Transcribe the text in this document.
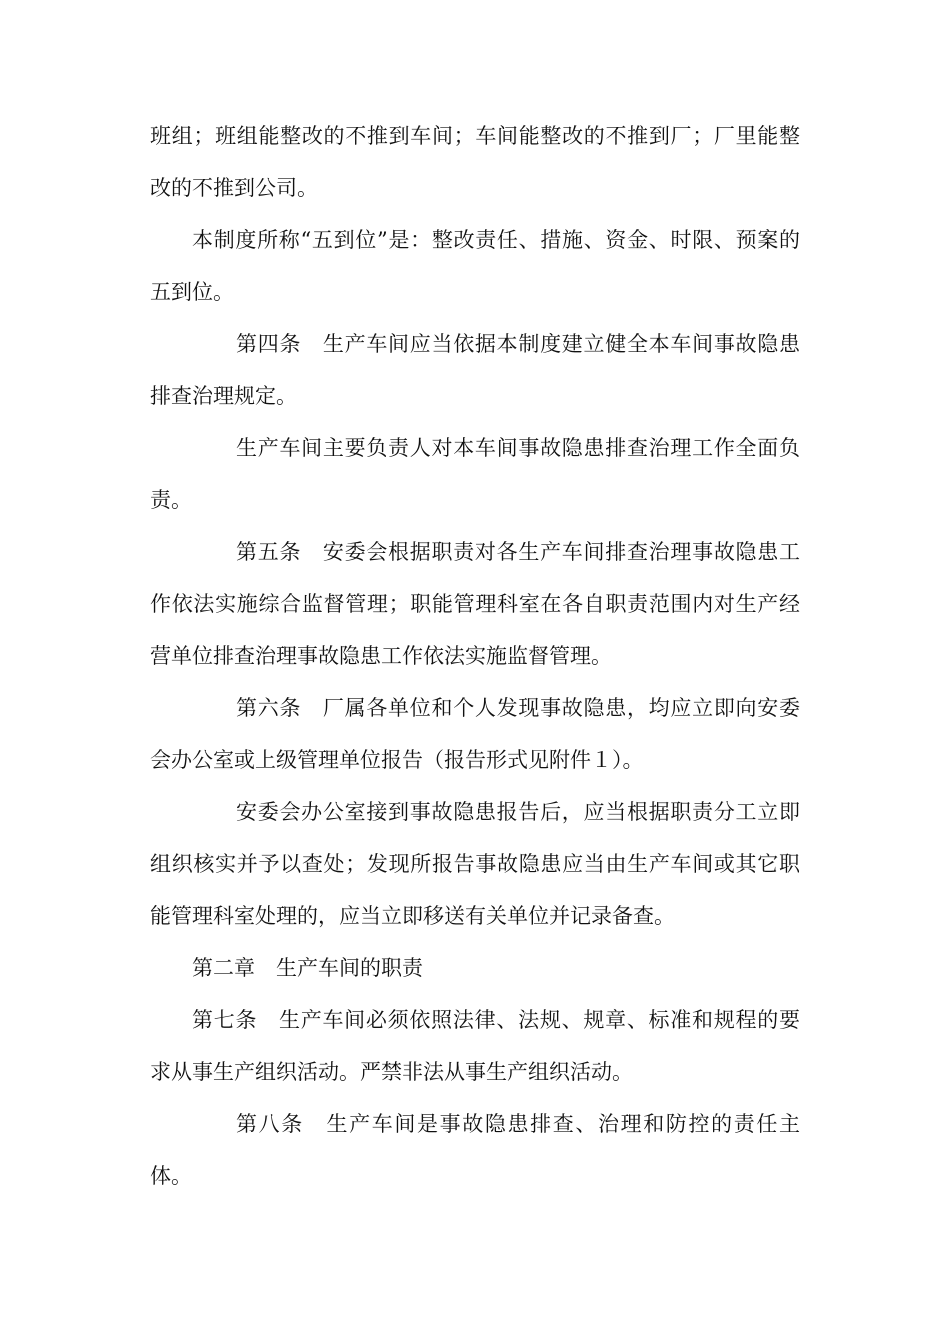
班组；班组能整改的不推到车间；车间能整改的不推到厂；厂里能整改的不推到公司。

本制度所称“五到位”是：整改责任、措施、资金、时限、预案的五到位。

第四条　生产车间应当依据本制度建立健全本车间事故隐患排查治理规定。

生产车间主要负责人对本车间事故隐患排查治理工作全面负责。

第五条　安委会根据职责对各生产车间排查治理事故隐患工作依法实施综合监督管理；职能管理科室在各自职责范围内对生产经营单位排查治理事故隐患工作依法实施监督管理。

第六条　厂属各单位和个人发现事故隐患，均应立即向安委会办公室或上级管理单位报告（报告形式见附件１）。

安委会办公室接到事故隐患报告后，应当根据职责分工立即组织核实并予以查处；发现所报告事故隐患应当由生产车间或其它职能管理科室处理的，应当立即移送有关单位并记录备查。

第二章　生产车间的职责

第七条　生产车间必须依照法律、法规、规章、标准和规程的要求从事生产组织活动。严禁非法从事生产组织活动。

第八条　生产车间是事故隐患排查、治理和防控的责任主体。
